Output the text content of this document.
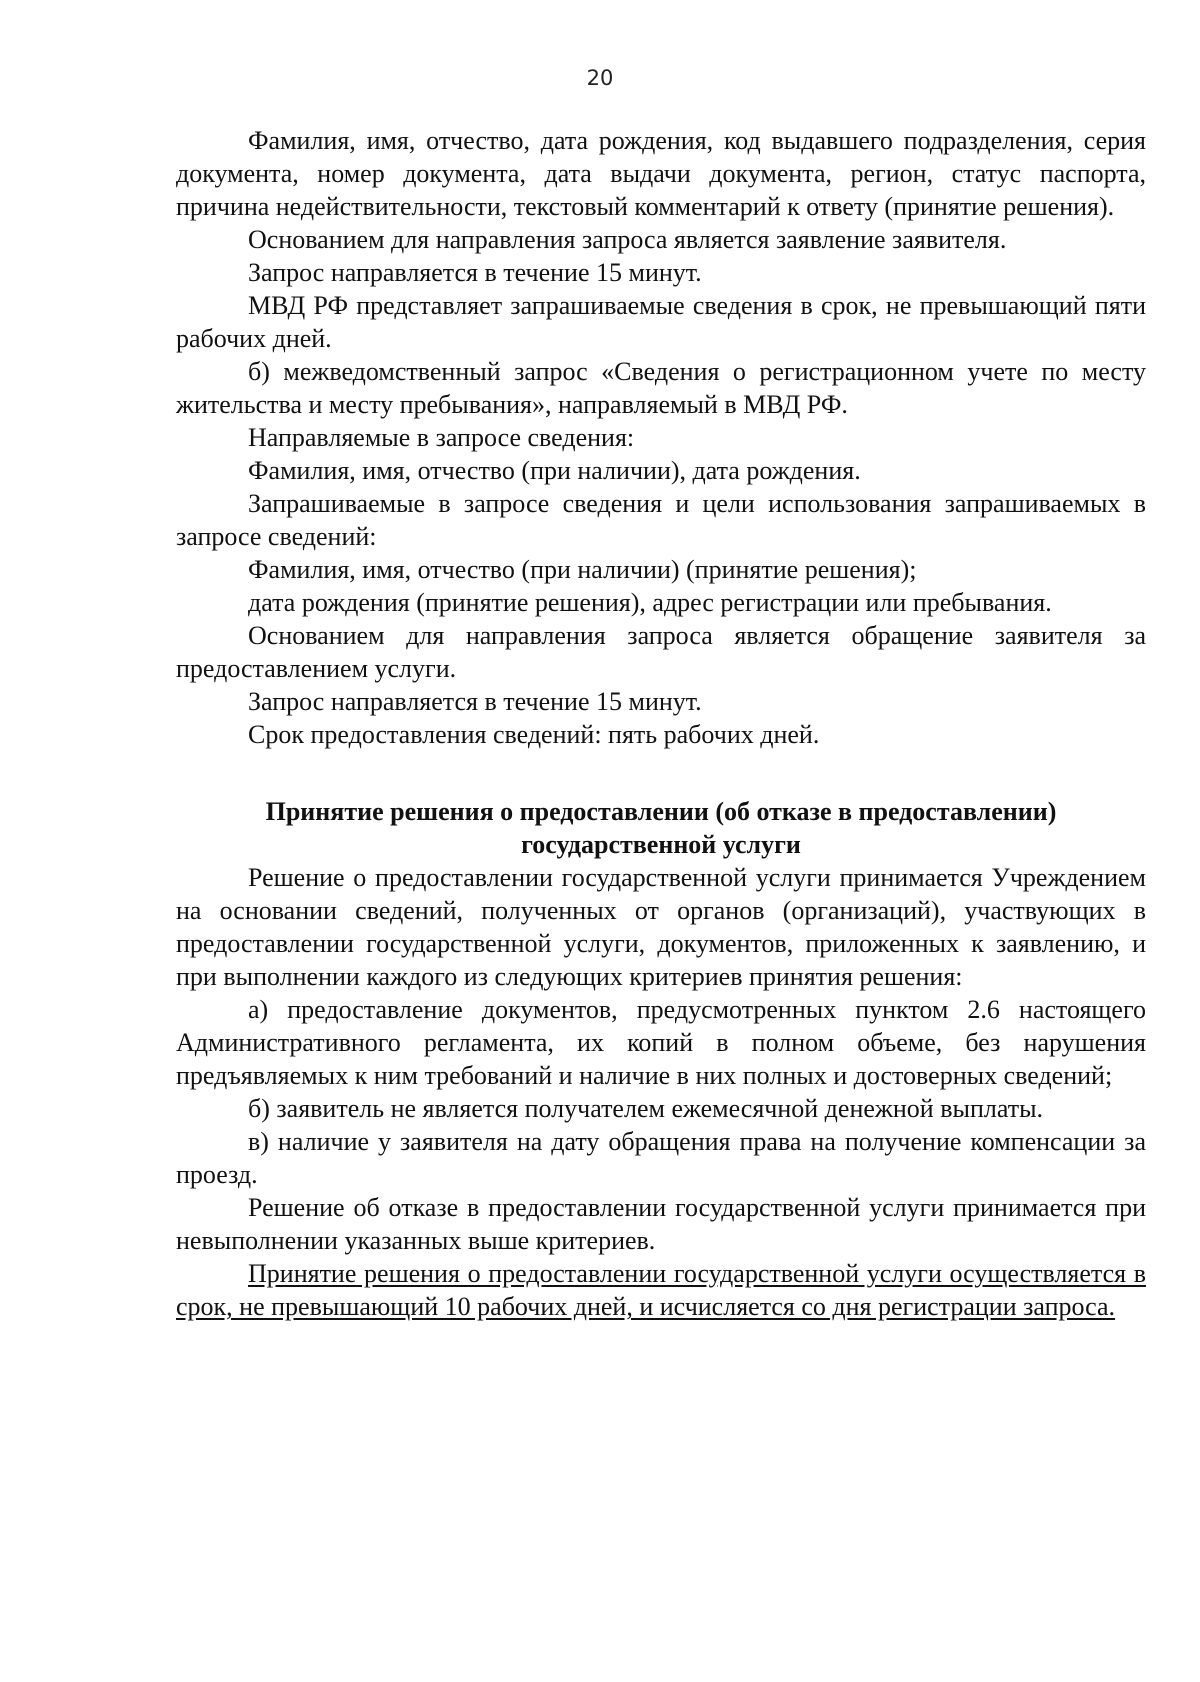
20

Фамилия, имя, отчество, дата рождения, код выдавшего подразделения, серия документа, номер документа, дата выдачи документа, регион, статус паспорта, причина недействительности, текстовый комментарий к ответу (принятие решения).

Основанием для направления запроса является заявление заявителя.

Запрос направляется в течение 15 минут.

МВД РФ представляет запрашиваемые сведения в срок, не превышающий пяти рабочих дней.

б) межведомственный запрос «Сведения о регистрационном учете по месту жительства и месту пребывания», направляемый в МВД РФ.

Направляемые в запросе сведения:

Фамилия, имя, отчество (при наличии), дата рождения.

Запрашиваемые в запросе сведения и цели использования запрашиваемых в запросе сведений:

Фамилия, имя, отчество (при наличии) (принятие решения);

дата рождения (принятие решения), адрес регистрации или пребывания.

Основанием для направления запроса является обращение заявителя за предоставлением услуги.

Запрос направляется в течение 15 минут.

Срок предоставления сведений: пять рабочих дней.

Принятие решения о предоставлении (об отказе в предоставлении)
государственной услуги

Решение о предоставлении государственной услуги принимается Учреждением на основании сведений, полученных от органов (организаций), участвующих в предоставлении государственной услуги, документов, приложенных к заявлению, и при выполнении каждого из следующих критериев принятия решения:

а) предоставление документов, предусмотренных пунктом 2.6 настоящего Административного регламента, их копий в полном объеме, без нарушения предъявляемых к ним требований и наличие в них полных и достоверных сведений;

б) заявитель не является получателем ежемесячной денежной выплаты.

в) наличие у заявителя на дату обращения права на получение компенсации за проезд.

Решение об отказе в предоставлении государственной услуги принимается при невыполнении указанных выше критериев.

Принятие решения о предоставлении государственной услуги осуществляется в срок, не превышающий 10 рабочих дней, и исчисляется со дня регистрации запроса.
